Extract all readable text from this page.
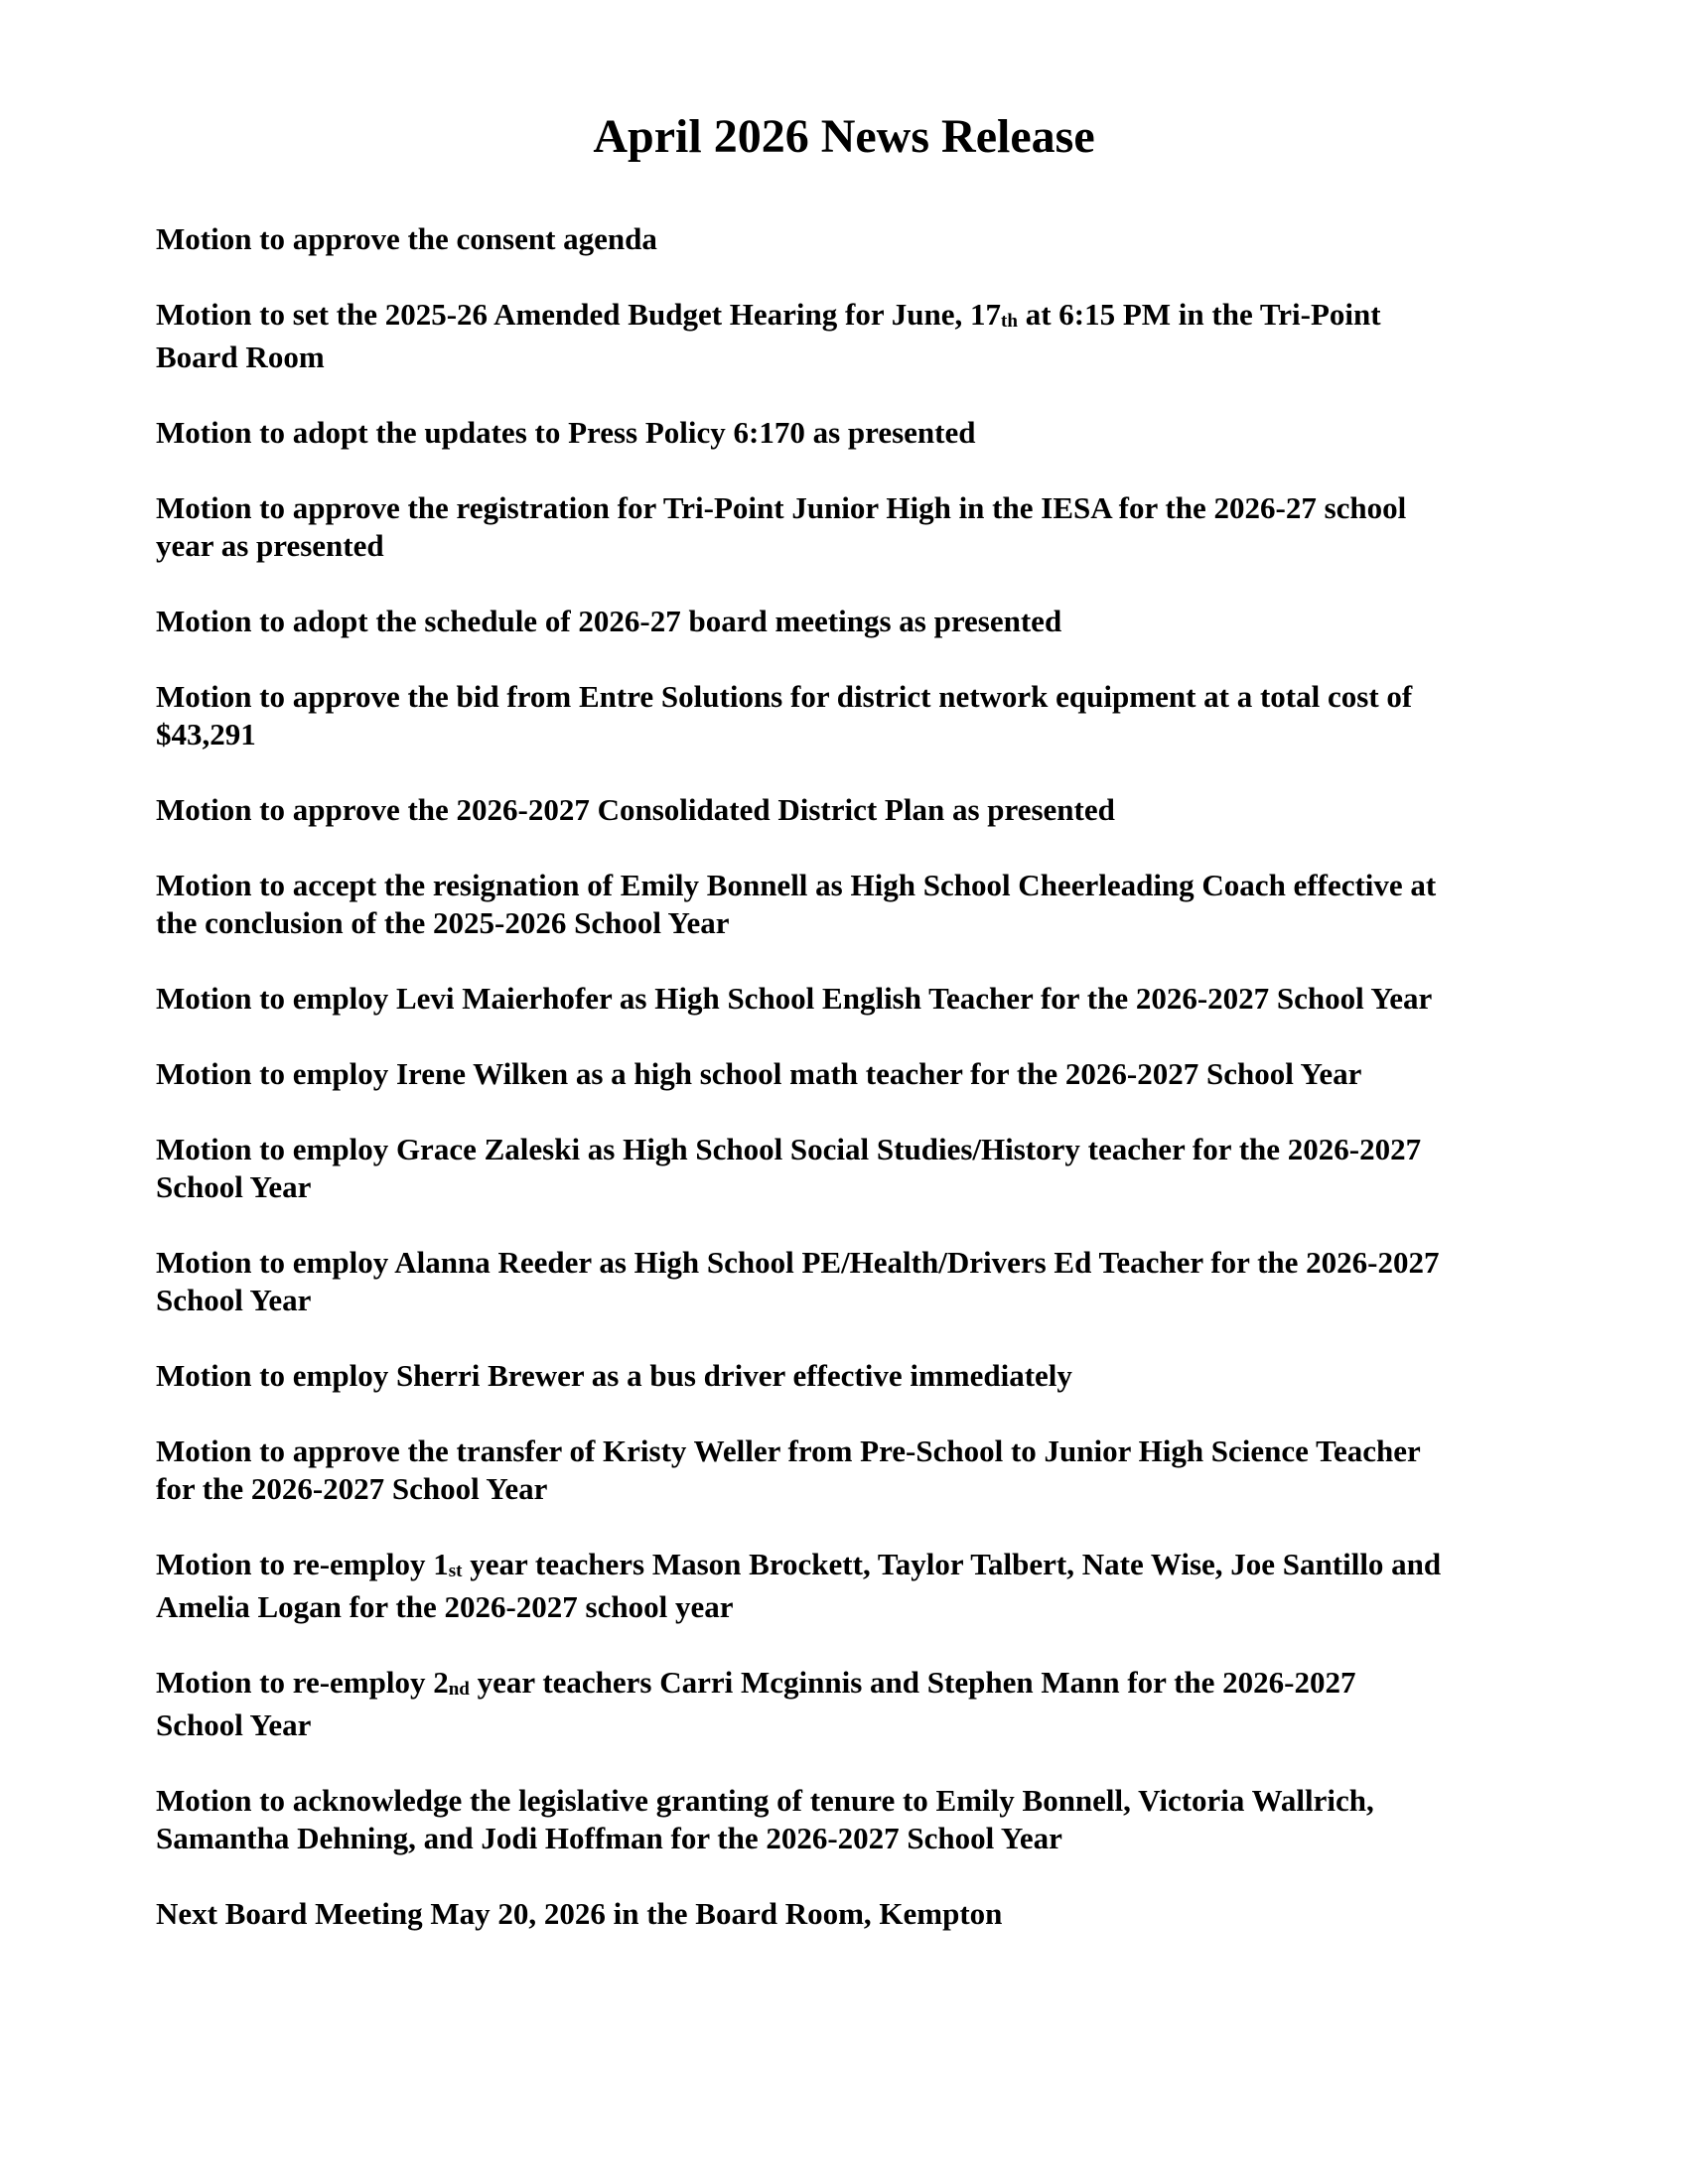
April 2026 News Release
Motion to approve the consent agenda
Motion to set the 2025-26 Amended Budget Hearing for June, $17_{th}$ at 6:15 PM in the Tri-Point Board Room
Motion to adopt the updates to Press Policy 6:170 as presented
Motion to approve the registration for Tri-Point Junior High in the IESA for the 2026-27 school year as presented
Motion to adopt the schedule of 2026-27 board meetings as presented
Motion to approve the bid from Entre Solutions for district network equipment at a total cost of $43,291
Motion to approve the 2026-2027 Consolidated District Plan as presented
Motion to accept the resignation of Emily Bonnell as High School Cheerleading Coach effective at the conclusion of the 2025-2026 School Year
Motion to employ Levi Maierhofer as High School English Teacher for the 2026-2027 School Year
Motion to employ Irene Wilken as a high school math teacher for the 2026-2027 School Year
Motion to employ Grace Zaleski as High School Social Studies/History teacher for the 2026-2027 School Year
Motion to employ Alanna Reeder as High School PE/Health/Drivers Ed Teacher for the 2026-2027 School Year
Motion to employ Sherri Brewer as a bus driver effective immediately
Motion to approve the transfer of Kristy Weller from Pre-School to Junior High Science Teacher for the 2026-2027 School Year
Motion to re-employ $1_{st}$ year teachers Mason Brockett, Taylor Talbert, Nate Wise, Joe Santillo and Amelia Logan for the 2026-2027 school year
Motion to re-employ $2_{nd}$ year teachers Carri Mcginnis and Stephen Mann for the 2026-2027 School Year
Motion to acknowledge the legislative granting of tenure to Emily Bonnell, Victoria Wallrich, Samantha Dehning, and Jodi Hoffman for the 2026-2027 School Year
Next Board Meeting May 20, 2026 in the Board Room, Kempton
